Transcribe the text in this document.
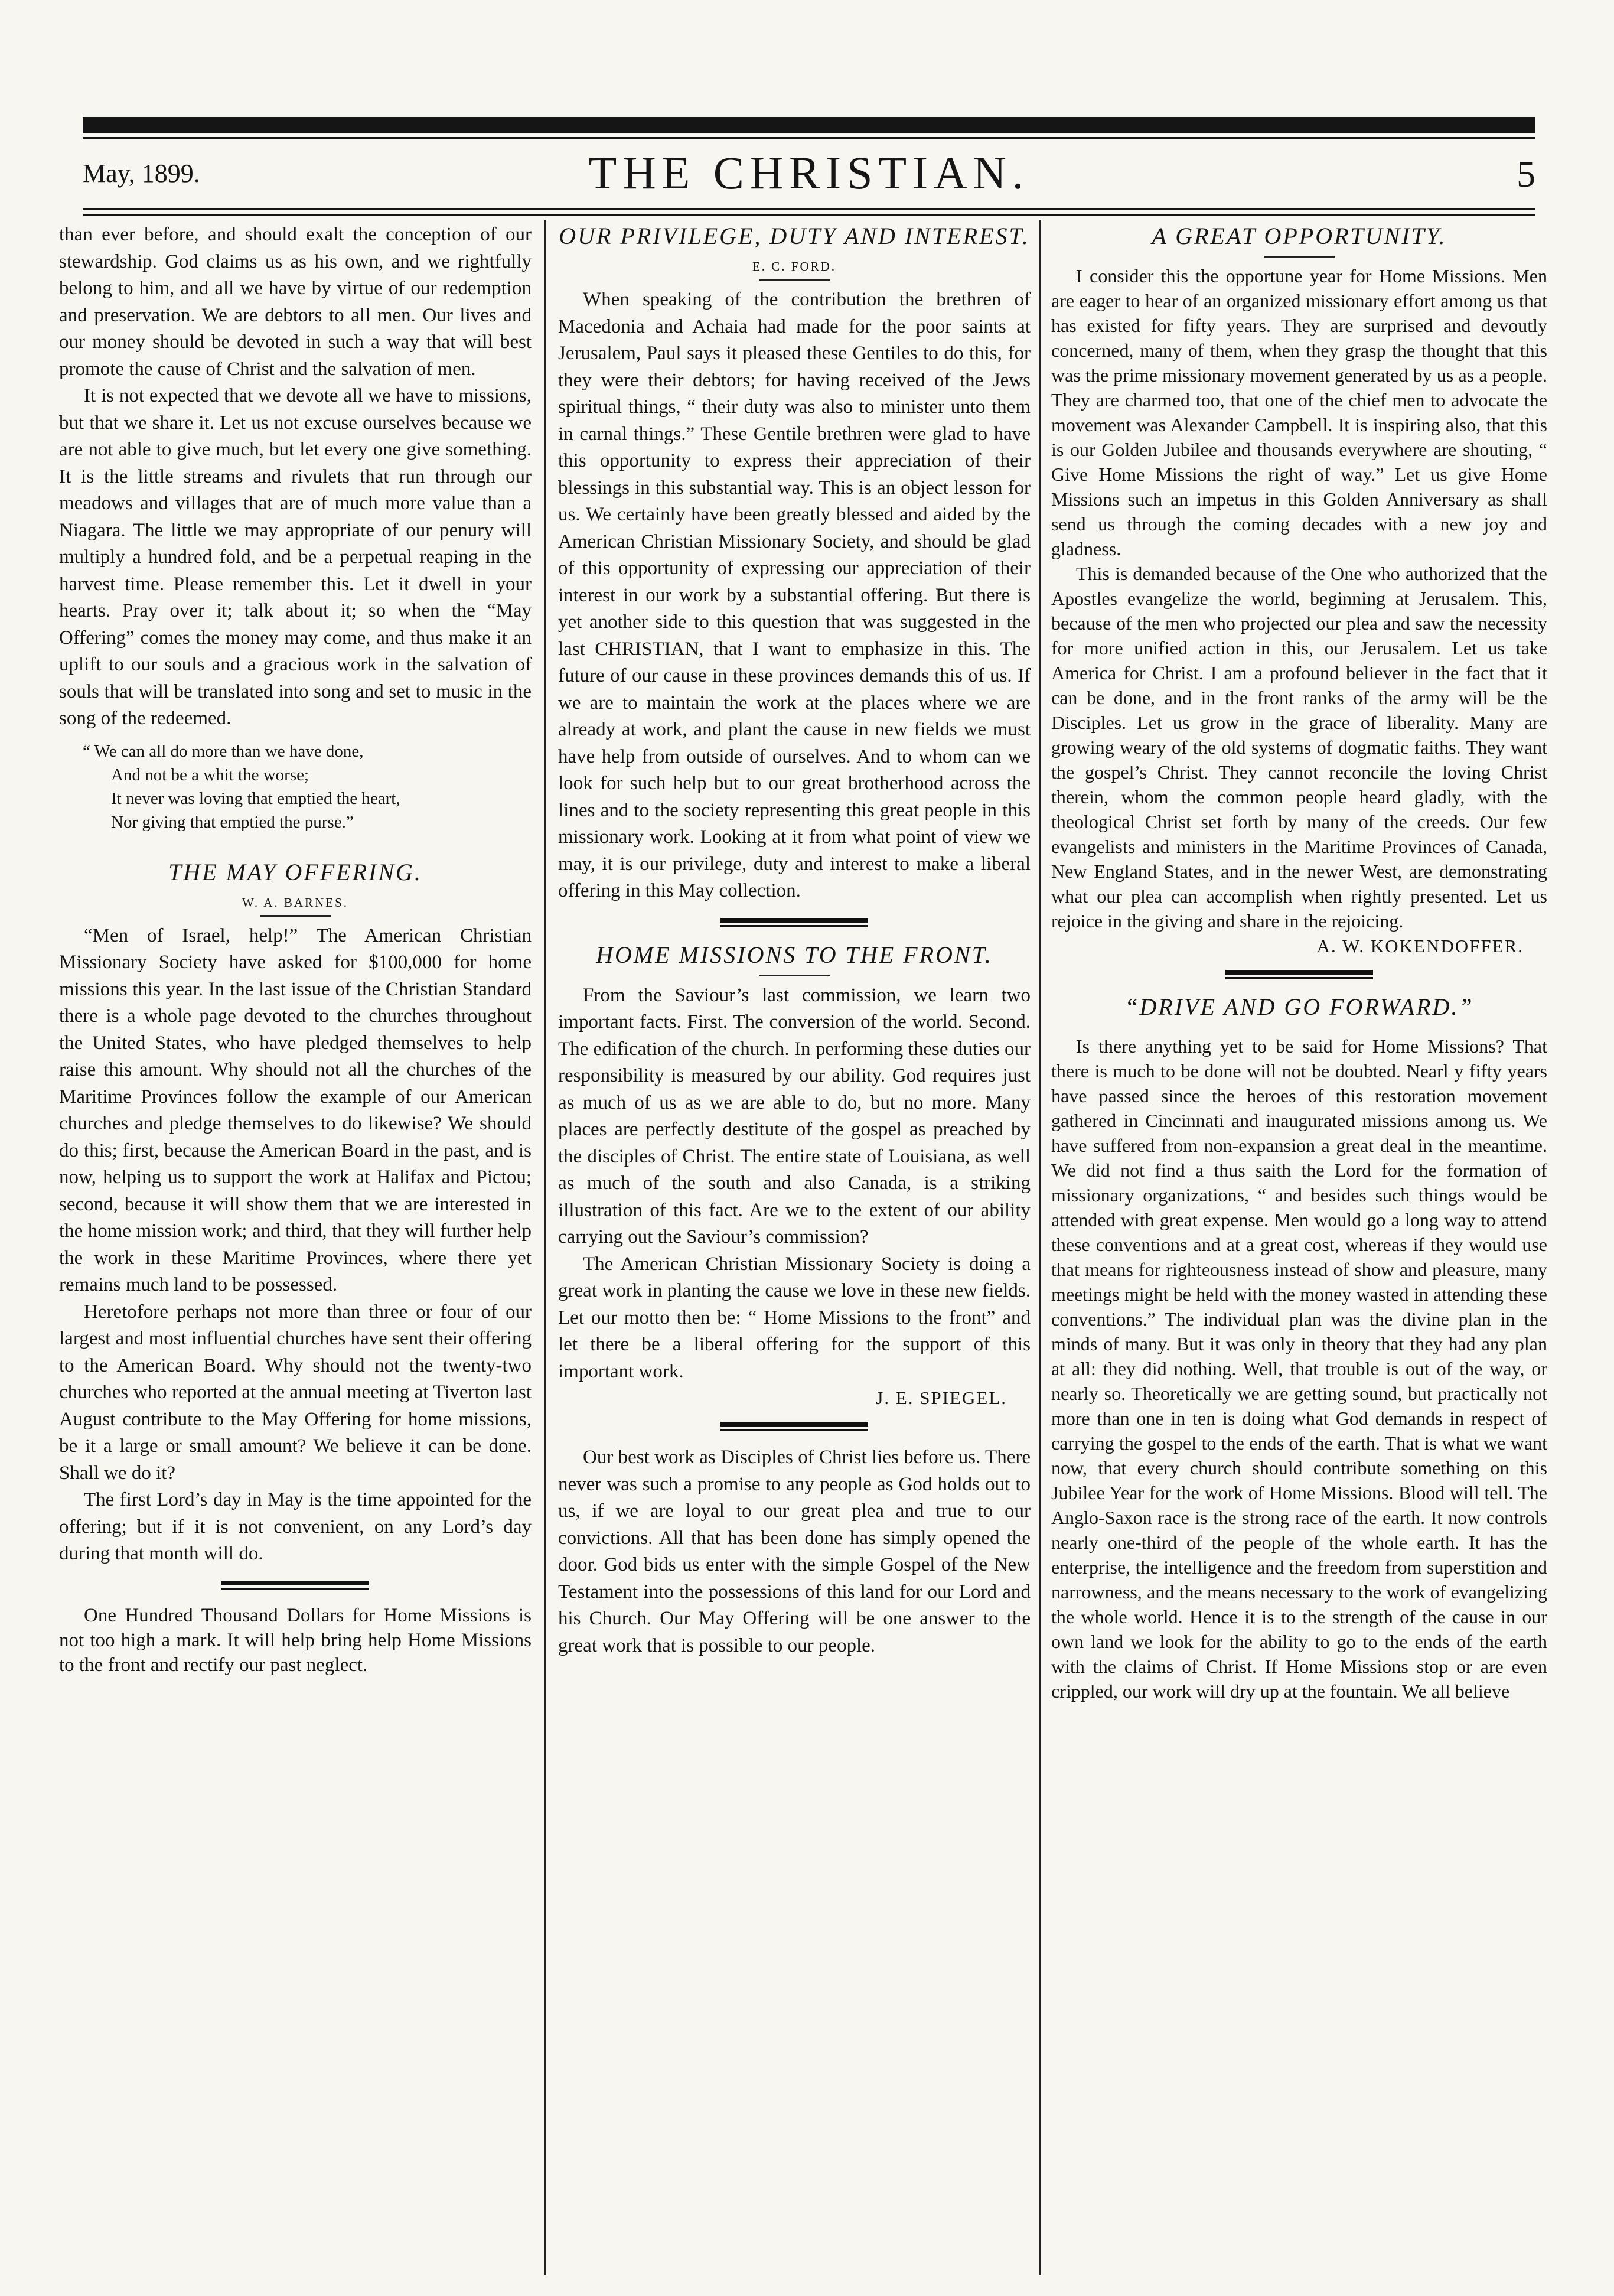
May, 1899.	THE CHRISTIAN.	5

than ever before, and should exalt the conception of our stewardship. God claims us as his own, and we rightfully belong to him, and all we have by virtue of our redemption and preservation. We are debtors to all men. Our lives and our money should be devoted in such a way that will best promote the cause of Christ and the salvation of men.

It is not expected that we devote all we have to missions, but that we share it. Let us not excuse ourselves because we are not able to give much, but let every one give something. It is the little streams and rivulets that run through our meadows and villages that are of much more value than a Niagara. The little we may appropriate of our penury will multiply a hundred fold, and be a perpetual reaping in the harvest time. Please remember this. Let it dwell in your hearts. Pray over it; talk about it; so when the “May Offering” comes the money may come, and thus make it an uplift to our souls and a gracious work in the salvation of souls that will be translated into song and set to music in the song of the redeemed.

“ We can all do more than we have done,
And not be a whit the worse;
It never was loving that emptied the heart,
Nor giving that emptied the purse.”
THE MAY OFFERING.
W. A. BARNES.

“Men of Israel, help!” The American Christian Missionary Society have asked for $100,000 for home missions this year. In the last issue of the Christian Standard there is a whole page devoted to the churches throughout the United States, who have pledged themselves to help raise this amount. Why should not all the churches of the Maritime Provinces follow the example of our American churches and pledge themselves to do likewise? We should do this; first, because the American Board in the past, and is now, helping us to support the work at Halifax and Pictou; second, because it will show them that we are interested in the home mission work; and third, that they will further help the work in these Maritime Provinces, where there yet remains much land to be possessed.

Heretofore perhaps not more than three or four of our largest and most influential churches have sent their offering to the American Board. Why should not the twenty-two churches who reported at the annual meeting at Tiverton last August contribute to the May Offering for home missions, be it a large or small amount? We believe it can be done. Shall we do it?

The first Lord’s day in May is the time appointed for the offering; but if it is not convenient, on any Lord’s day during that month will do.

One Hundred Thousand Dollars for Home Missions is not too high a mark. It will help bring help Home Missions to the front and rectify our past neglect.

OUR PRIVILEGE, DUTY AND INTEREST.
E. C. FORD.

When speaking of the contribution the brethren of Macedonia and Achaia had made for the poor saints at Jerusalem, Paul says it pleased these Gentiles to do this, for they were their debtors; for having received of the Jews spiritual things, “ their duty was also to minister unto them in carnal things.” These Gentile brethren were glad to have this opportunity to express their appreciation of their blessings in this substantial way. This is an object lesson for us. We certainly have been greatly blessed and aided by the American Christian Missionary Society, and should be glad of this opportunity of expressing our appreciation of their interest in our work by a substantial offering. But there is yet another side to this question that was suggested in the last CHRISTIAN, that I want to emphasize in this. The future of our cause in these provinces demands this of us. If we are to maintain the work at the places where we are already at work, and plant the cause in new fields we must have help from outside of ourselves. And to whom can we look for such help but to our great brotherhood across the lines and to the society representing this great people in this missionary work. Looking at it from what point of view we may, it is our privilege, duty and interest to make a liberal offering in this May collection.

HOME MISSIONS TO THE FRONT.

From the Saviour’s last commission, we learn two important facts. First. The conversion of the world. Second. The edification of the church. In performing these duties our responsibility is measured by our ability. God requires just as much of us as we are able to do, but no more. Many places are perfectly destitute of the gospel as preached by the disciples of Christ. The entire state of Louisiana, as well as much of the south and also Canada, is a striking illustration of this fact. Are we to the extent of our ability carrying out the Saviour’s commission?

The American Christian Missionary Society is doing a great work in planting the cause we love in these new fields. Let our motto then be: “ Home Missions to the front” and let there be a liberal offering for the support of this important work.

J. E. SPIEGEL.

Our best work as Disciples of Christ lies before us. There never was such a promise to any people as God holds out to us, if we are loyal to our great plea and true to our convictions. All that has been done has simply opened the door. God bids us enter with the simple Gospel of the New Testament into the possessions of this land for our Lord and his Church. Our May Offering will be one answer to the great work that is possible to our people.

A GREAT OPPORTUNITY.

I consider this the opportune year for Home Missions. Men are eager to hear of an organized missionary effort among us that has existed for fifty years. They are surprised and devoutly concerned, many of them, when they grasp the thought that this was the prime missionary movement generated by us as a people. They are charmed too, that one of the chief men to advocate the movement was Alexander Campbell. It is inspiring also, that this is our Golden Jubilee and thousands everywhere are shouting, “ Give Home Missions the right of way.” Let us give Home Missions such an impetus in this Golden Anniversary as shall send us through the coming decades with a new joy and gladness.

This is demanded because of the One who authorized that the Apostles evangelize the world, beginning at Jerusalem. This, because of the men who projected our plea and saw the necessity for more unified action in this, our Jerusalem. Let us take America for Christ. I am a profound believer in the fact that it can be done, and in the front ranks of the army will be the Disciples. Let us grow in the grace of liberality. Many are growing weary of the old systems of dogmatic faiths. They want the gospel’s Christ. They cannot reconcile the loving Christ therein, whom the common people heard gladly, with the theological Christ set forth by many of the creeds. Our few evangelists and ministers in the Maritime Provinces of Canada, New England States, and in the newer West, are demonstrating what our plea can accomplish when rightly presented. Let us rejoice in the giving and share in the rejoicing.

A. W. KOKENDOFFER.
“DRIVE AND GO FORWARD.”

Is there anything yet to be said for Home Missions? That there is much to be done will not be doubted. Nearl y fifty years have passed since the heroes of this restoration movement gathered in Cincinnati and inaugurated missions among us. We have suffered from non-expansion a great deal in the meantime. We did not find a thus saith the Lord for the formation of missionary organizations, “ and besides such things would be attended with great expense. Men would go a long way to attend these conventions and at a great cost, whereas if they would use that means for righteousness instead of show and pleasure, many meetings might be held with the money wasted in attending these conventions.” The individual plan was the divine plan in the minds of many. But it was only in theory that they had any plan at all: they did nothing. Well, that trouble is out of the way, or nearly so. Theoretically we are getting sound, but practically not more than one in ten is doing what God demands in respect of carrying the gospel to the ends of the earth. That is what we want now, that every church should contribute something on this Jubilee Year for the work of Home Missions. Blood will tell. The Anglo-Saxon race is the strong race of the earth. It now controls nearly one-third of the people of the whole earth. It has the enterprise, the intelligence and the freedom from superstition and narrowness, and the means necessary to the work of evangelizing the whole world. Hence it is to the strength of the cause in our own land we look for the ability to go to the ends of the earth with the claims of Christ. If Home Missions stop or are even crippled, our work will dry up at the fountain. We all believe
